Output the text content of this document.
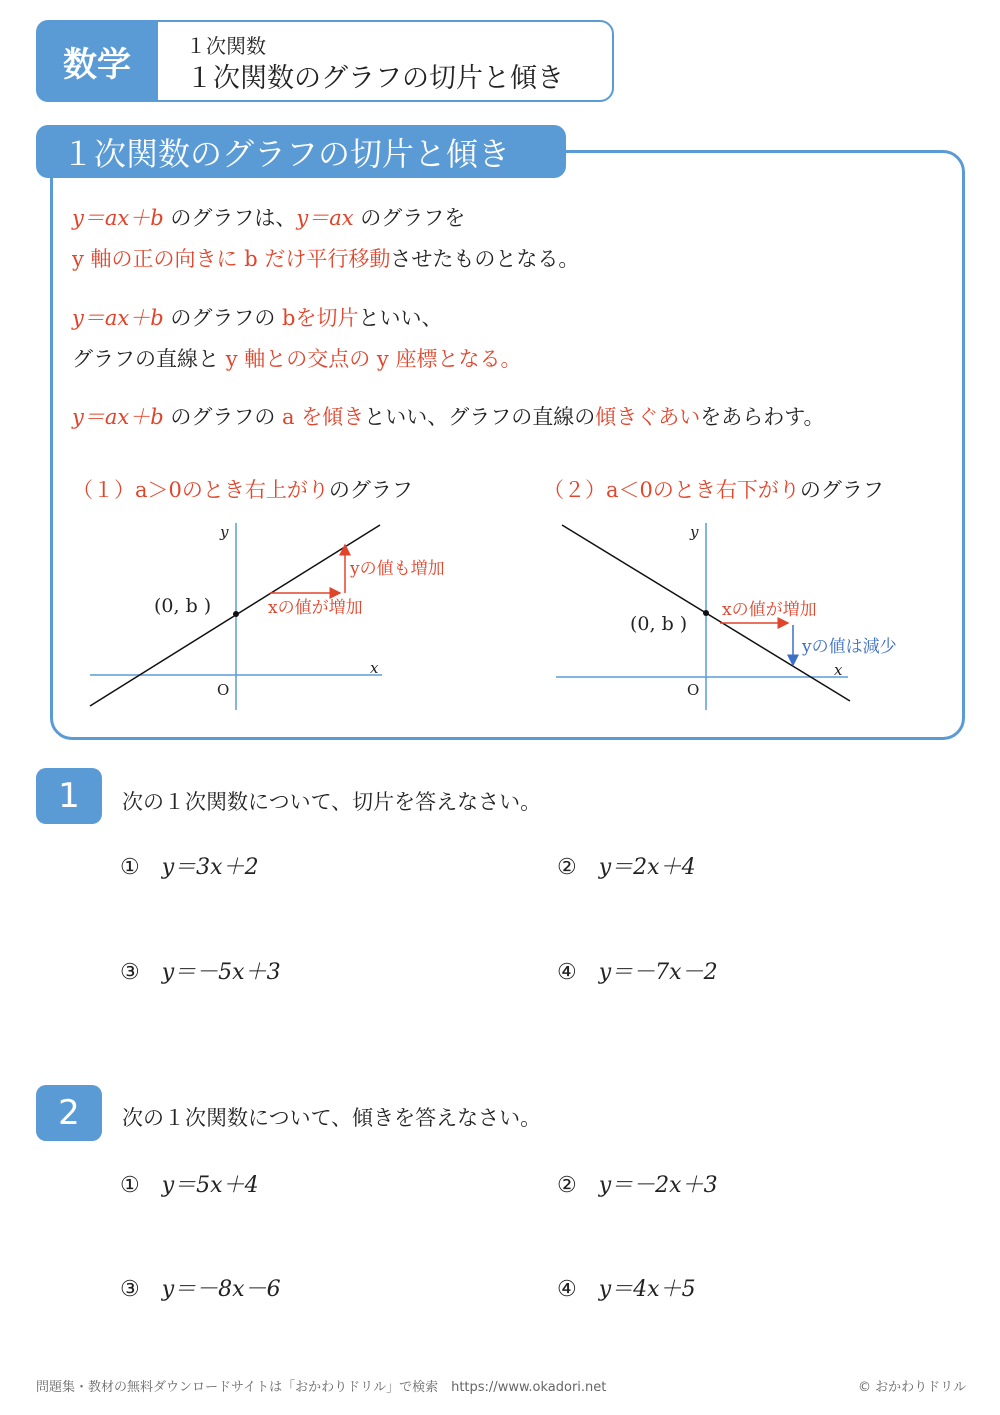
数学	１次関数
１次関数のグラフの切片と傾き
１次関数のグラフの切片と傾き
y＝ax＋b のグラフは、y＝ax のグラフを
y 軸の正の向きに b だけ平行移動させたものとなる。
y＝ax＋b のグラフの bを切片といい、
グラフの直線と y 軸との交点の y 座標となる。
y＝ax＋b のグラフの a を傾きといい、グラフの直線の傾きぐあいをあらわす。
（１）a＞0のとき右上がりのグラフ	（２）a＜0のとき右下がりのグラフ
y
x
O
(0, b )	xの値が増加
yの値も増加
y
x
O
(0, b )
xの値が増加
yの値は減少
1	次の１次関数について、切片を答えなさい。
① y＝3x＋2	② y＝2x＋4
③ y＝－5x＋3	④ y＝－7x－2
2	次の１次関数について、傾きを答えなさい。
① y＝5x＋4	② y＝－2x＋3
③ y＝－8x－6	④ y＝4x＋5
問題集・教材の無料ダウンロードサイトは「おかわりドリル」で検索　https://www.okadori.net	© おかわりドリル
